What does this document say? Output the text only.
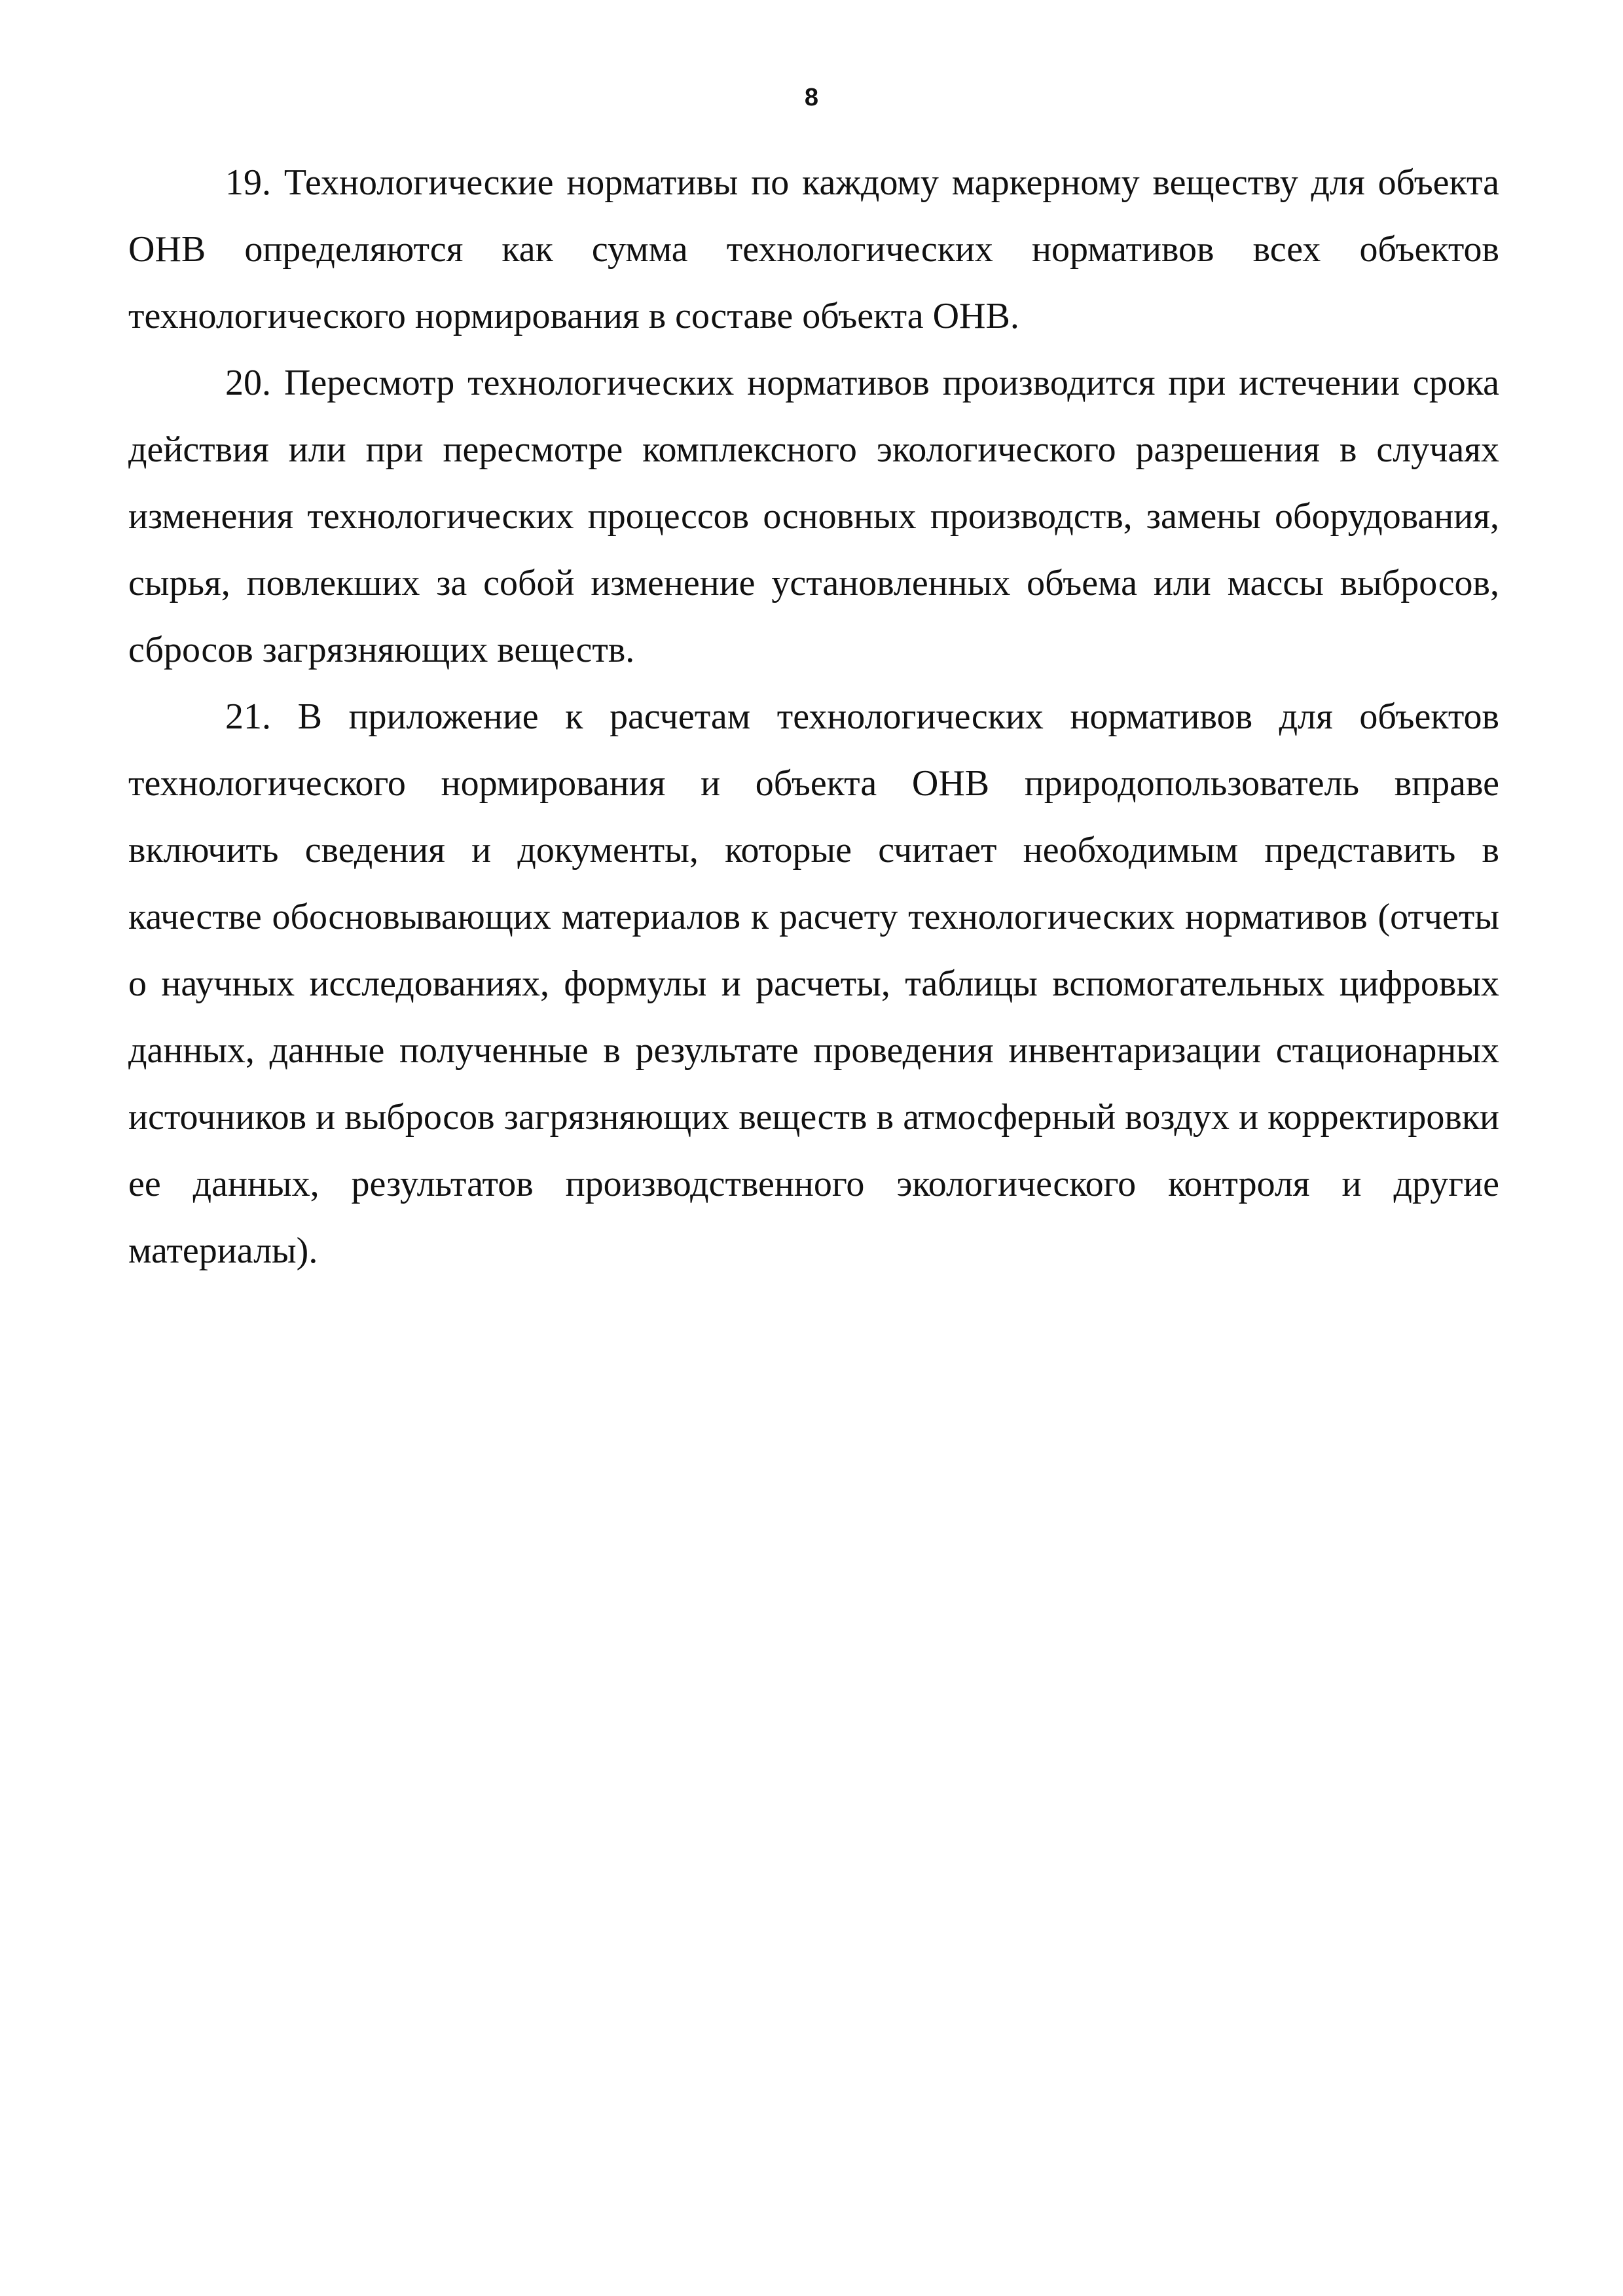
8

19. Технологические нормативы по каждому маркерному веществу для объекта ОНВ определяются как сумма технологических нормативов всех объектов технологического нормирования в составе объекта ОНВ.

20. Пересмотр технологических нормативов производится при истечении срока действия или при пересмотре комплексного экологического разрешения в случаях изменения технологических процессов основных производств, замены оборудования, сырья, повлекших за собой изменение установленных объема или массы выбросов, сбросов загрязняющих веществ.

21. В приложение к расчетам технологических нормативов для объектов технологического нормирования и объекта ОНВ природопользователь вправе включить сведения и документы, которые считает необходимым представить в качестве обосновывающих материалов к расчету технологических нормативов (отчеты о научных исследованиях, формулы и расчеты, таблицы вспомогательных цифровых данных, данные полученные в результате проведения инвентаризации стационарных источников и выбросов загрязняющих веществ в атмосферный воздух и корректировки ее данных, результатов производственного экологического контроля и другие материалы).
